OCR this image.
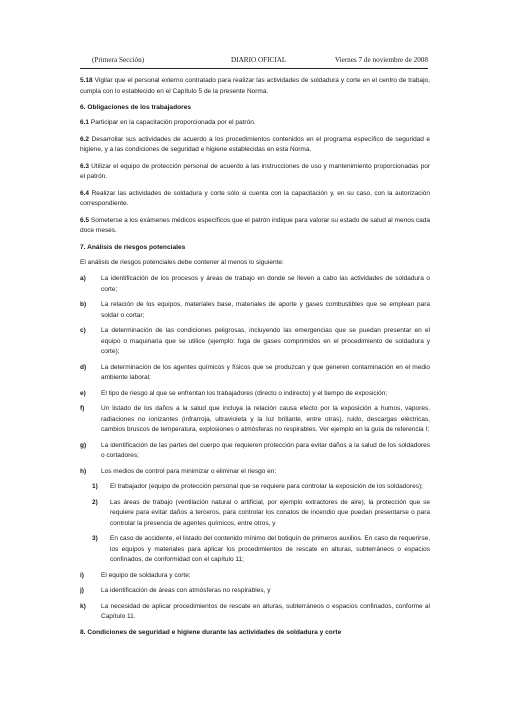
(Primera Sección)	DIARIO OFICIAL	Viernes 7 de noviembre de 2008

5.18 Vigilar que el personal externo contratado para realizar las actividades de soldadura y corte en el centro de trabajo, cumpla con lo establecido en el Capítulo 5 de la presente Norma.

6. Obligaciones de los trabajadores

6.1 Participar en la capacitación proporcionada por el patrón.

6.2 Desarrollar sus actividades de acuerdo a los procedimientos contenidos en el programa específico de seguridad e higiene, y a las condiciones de seguridad e higiene establecidas en esta Norma.

6.3 Utilizar el equipo de protección personal de acuerdo a las instrucciones de uso y mantenimiento proporcionadas por el patrón.

6.4 Realizar las actividades de soldadura y corte sólo si cuenta con la capacitación y, en su caso, con la autorización correspondiente.

6.5 Someterse a los exámenes médicos específicos que el patrón indique para valorar su estado de salud al menos cada doce meses.

7. Análisis de riesgos potenciales

El análisis de riesgos potenciales debe contener al menos lo siguiente:

a)	La identificación de los procesos y áreas de trabajo en donde se lleven a cabo las actividades de soldadura o corte;
b)	La relación de los equipos, materiales base, materiales de aporte y gases combustibles que se emplean para soldar o cortar;
c)	La determinación de las condiciones peligrosas, incluyendo las emergencias que se puedan presentar en el equipo o maquinaria que se utilice (ejemplo: fuga de gases comprimidos en el procedimiento de soldadura y corte);
d)	La determinación de los agentes químicos y físicos que se produzcan y que generen contaminación en el medio ambiente laboral;
e)	El tipo de riesgo al que se enfrentan los trabajadores (directo o indirecto) y el tiempo de exposición;
f)	Un listado de los daños a la salud que incluya la relación causa efecto por la exposición a humos, vapores, radiaciones no ionizantes (infrarroja, ultravioleta y la luz brillante, entre otras), ruido, descargas eléctricas, cambios bruscos de temperatura, explosiones o atmósferas no respirables. Ver ejemplo en la guía de referencia I;
g)	La identificación de las partes del cuerpo que requieren protección para evitar daños a la salud de los soldadores o cortadores;
h)	Los medios de control para minimizar o eliminar el riesgo en:
1)	El trabajador (equipo de protección personal que se requiere para controlar la exposición de los soldadores);
2)	Las áreas de trabajo (ventilación natural o artificial, por ejemplo extractores de aire), la protección que se requiere para evitar daños a terceros, para controlar los conatos de incendio que puedan presentarse o para controlar la presencia de agentes químicos, entre otros, y
3)	En caso de accidente, el listado del contenido mínimo del botiquín de primeros auxilios. En caso de requerirse, los equipos y materiales para aplicar los procedimientos de rescate en alturas, subterráneos o espacios confinados, de conformidad con el capítulo 11;
i)	El equipo de soldadura y corte;
j)	La identificación de áreas con atmósferas no respirables, y
k)	La necesidad de aplicar procedimientos de rescate en alturas, subterráneos o espacios confinados, conforme al Capítulo 11.
8. Condiciones de seguridad e higiene durante las actividades de soldadura y corte
